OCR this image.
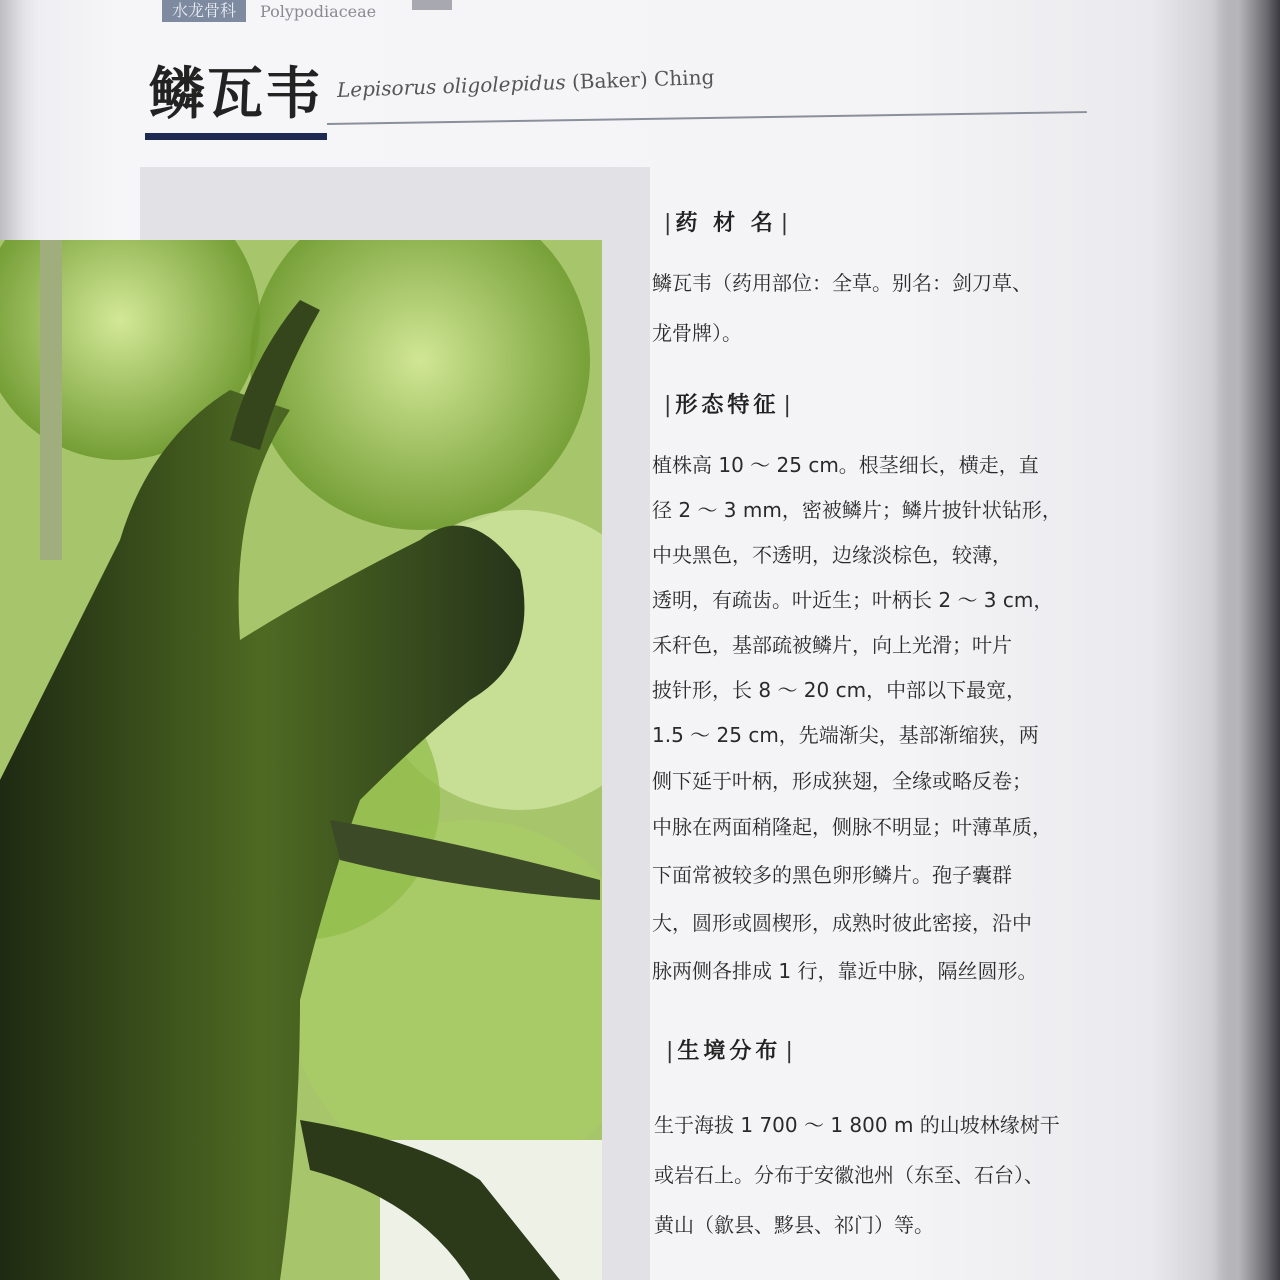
水龙骨科	Polypodiaceae
鳞瓦韦 Lepisorus oligolepidus (Baker) Ching
| 药 材 名 |
鳞瓦韦（药用部位：全草。别名：剑刀草、
龙骨牌）。
| 形态特征 |
植株高 10 ～ 25 cm。根茎细长，横走，直
径 2 ～ 3 mm，密被鳞片；鳞片披针状钻形，
中央黑色，不透明，边缘淡棕色，较薄，
透明，有疏齿。叶近生；叶柄长 2 ～ 3 cm，
禾秆色，基部疏被鳞片，向上光滑；叶片
披针形，长 8 ～ 20 cm，中部以下最宽，
1.5 ～ 25 cm，先端渐尖，基部渐缩狭，两
侧下延于叶柄，形成狭翅，全缘或略反卷；
中脉在两面稍隆起，侧脉不明显；叶薄革质，
下面常被较多的黑色卵形鳞片。孢子囊群
大，圆形或圆楔形，成熟时彼此密接，沿中
脉两侧各排成 1 行，靠近中脉，隔丝圆形。
| 生境分布 |
生于海拔 1 700 ～ 1 800 m 的山坡林缘树干
或岩石上。分布于安徽池州（东至、石台）、
黄山（歙县、黟县、祁门）等。
